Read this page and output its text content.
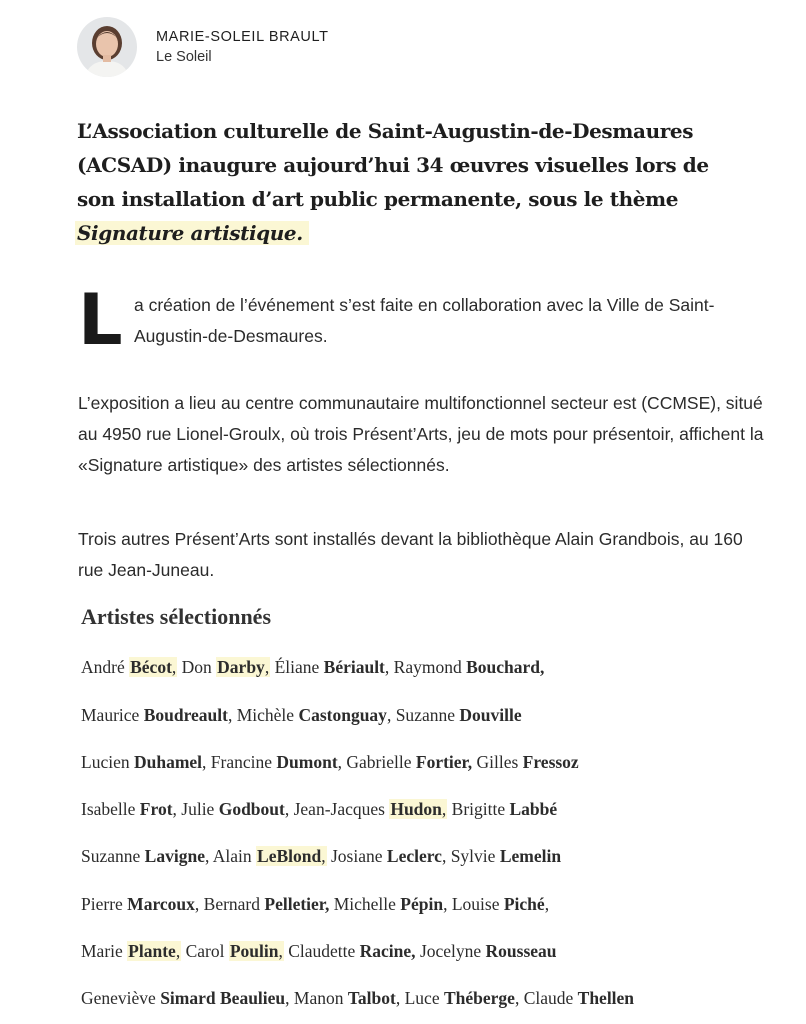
MARIE-SOLEIL BRAULT
Le Soleil
L’Association culturelle de Saint-Augustin-de-Desmaures (ACSAD) inaugure aujourd’hui 34 œuvres visuelles lors de son installation d’art public permanente, sous le thème Signature artistique.
L a création de l’événement s’est faite en collaboration avec la Ville de Saint-Augustin-de-Desmaures.
L’exposition a lieu au centre communautaire multifonctionnel secteur est (CCMSE), situé au 4950 rue Lionel-Groulx, où trois Présent’Arts, jeu de mots pour présentoir, affichent la «Signature artistique» des artistes sélectionnés.
Trois autres Présent’Arts sont installés devant la bibliothèque Alain Grandbois, au 160 rue Jean-Juneau.
Artistes sélectionnés
André Bécot, Don Darby, Éliane Bériault, Raymond Bouchard,
Maurice Boudreault, Michèle Castonguay, Suzanne Douville
Lucien Duhamel, Francine Dumont, Gabrielle Fortier, Gilles Fressoz
Isabelle Frot, Julie Godbout, Jean-Jacques Hudon, Brigitte Labbé
Suzanne Lavigne, Alain LeBlond, Josiane Leclerc, Sylvie Lemelin
Pierre Marcoux, Bernard Pelletier, Michelle Pépin, Louise Piché,
Marie Plante, Carol Poulin, Claudette Racine, Jocelyne Rousseau
Geneviève Simard Beaulieu, Manon Talbot, Luce Théberge, Claude Thellen
